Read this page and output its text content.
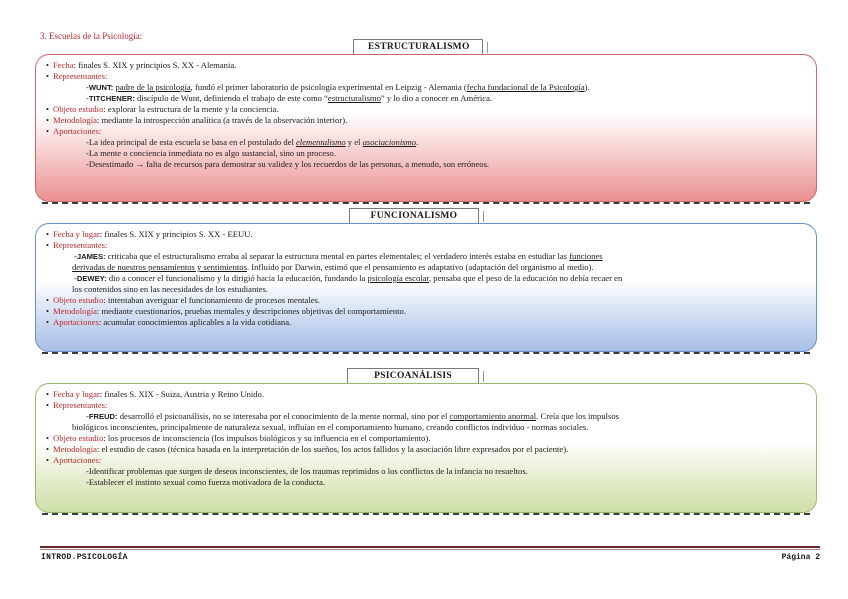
3. Escuelas de la Psicología:
ESTRUCTURALISMO
• Fecha: finales S. XIX y principios S. XX - Alemania.
• Representantes:
-WUNT: padre de la psicología, fundó el primer laboratorio de psicología experimental en Leipzig - Alemania (fecha fundacional de la Psicología).
-TITCHENER: discípulo de Wunt, definiendo el trabajo de este como “estructuralismo” y lo dio a conocer en América.
• Objeto estudio: explorar la estructura de la mente y la conciencia.
• Metodología: mediante la introspección analítica (a través de la observación interior).
• Aportaciones:
-La idea principal de esta escuela se basa en el postulado del elementalismo y el asociacionismo.
-La mente o conciencia inmediata no es algo sustancial, sino un proceso.
-Desestimado → falta de recursos para demostrar su validez y los recuerdos de las personas, a menudo, son erróneos.
FUNCIONALISMO
• Fecha y lugar: finales S. XIX y principios S. XX - EEUU.
• Representantes:
-JAMES: criticaba que el estructuralismo erraba al separar la estructura mental en partes elementales; el verdadero interés estaba en estudiar las funciones
derivadas de nuestros pensamientos y sentimientos. Influido por Darwin, estimó que el pensamiento es adaptativo (adaptación del organismo al medio).
-DEWEY: dio a conocer el funcionalismo y la dirigió hacia la educación, fundando la psicología escolar, pensaba que el peso de la educación no debía recaer en
los contenidos sino en las necesidades de los estudiantes.
• Objeto estudio: intentaban averiguar el funcionamiento de procesos mentales.
• Metodología: mediante cuestionarios, pruebas mentales y descripciones objetivas del comportamiento.
• Aportaciones: acumular conocimientos aplicables a la vida cotidiana.
PSICOANÁLISIS
• Fecha y lugar: finales S. XIX - Suiza, Austria y Reino Unido.
• Representantes:
-FREUD: desarrolló el psicoanálisis, no se interesaba por el conocimiento de la mente normal, sino por el comportamiento anormal. Creía que los impulsos
biológicos inconscientes, principalmente de naturaleza sexual, influían en el comportamiento humano, creando conflictos individuo - normas sociales.
• Objeto estudio: los procesos de inconsciencia (los impulsos biológicos y su influencia en el comportamiento).
• Metodología: el estudio de casos (técnica basada en la interpretación de los sueños, los actos fallidos y la asociación libre expresados por el paciente).
• Aportaciones:
-Identificar problemas que surgen de deseos inconscientes, de los traumas reprimidos o los conflictos de la infancia no resueltos.
-Establecer el instinto sexual como fuerza motivadora de la conducta.
INTROD.PSICOLOGÍA	Página 2
